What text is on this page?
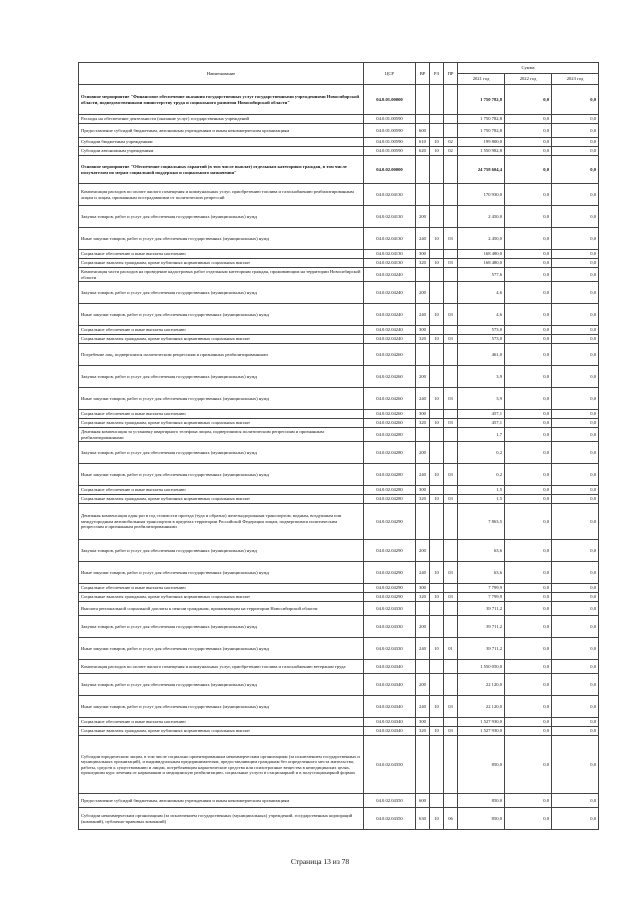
Наименование	ЦСР	ВР	РЗ	ПР	Сумма		
					2021 год	2022 год	2023 год
Основное мероприятие "Финансовое обеспечение оказания государственных услуг государственными учреждениями Новосибирской области, подведомственными министерству труда и социального развития Новосибирской области"	04.0.01.00000				1 750 782,8	0,0	0,0
Расходы на обеспечение деятельности (оказание услуг) государственных учреждений	04.0.01.00590				1 750 782,8	0,0	0,0
Предоставление субсидий бюджетным, автономным учреждениям и иным некоммерческим организациям	04.0.01.00590	600			1 750 782,8	0,0	0,0
Субсидии бюджетным учреждениям	04.0.01.00590	610	10	02	199 800,0	0,0	0,0
Субсидии автономным учреждениям	04.0.01.00590	620	10	02	1 550 982,8	0,0	0,0
Основное мероприятие "Обеспечение социальных гарантий (в том числе выплат) отдельным категориям граждан, в том числе получателям по мерам социальной поддержки и социального назначения"	04.0.02.00000				24 758 604,4	0,0	0,0
Компенсация расходов по оплате жилого помещения и коммунальных услуг, приобретению топлива и газоснабжению реабилитированным лицам и лицам, признанным пострадавшими от политических репрессий	04.0.02.04130				170 930,0	0,0	0,0
Закупка товаров, работ и услуг для обеспечения государственных (муниципальных) нужд	04.0.02.04130	200			2 450,0	0,0	0,0
Иные закупки товаров, работ и услуг для обеспечения государственных (муниципальных) нужд	04.0.02.04130	240	10	03	2 450,0	0,0	0,0
Социальное обеспечение и иные выплаты населению	04.0.02.04130	300			168 480,0	0,0	0,0
Социальные выплаты гражданам, кроме публичных нормативных социальных выплат	04.0.02.04130	320	10	03	168 480,0	0,0	0,0
Компенсация части расходов на проведение кадастровых работ отдельным категориям граждан, проживающим на территории Новосибирской области	04.0.02.04240				577,6	0,0	0,0
Закупка товаров, работ и услуг для обеспечения государственных (муниципальных) нужд	04.0.02.04240	200			4,6	0,0	0,0
Иные закупки товаров, работ и услуг для обеспечения государственных (муниципальных) нужд	04.0.02.04240	240	10	03	4,6	0,0	0,0
Социальное обеспечение и иные выплаты населению	04.0.02.04240	300			573,0	0,0	0,0
Социальные выплаты гражданам, кроме публичных нормативных социальных выплат	04.0.02.04240	320	10	03	573,0	0,0	0,0
Погребение лиц, подвергшихся политическим репрессиям и признанных реабилитированными	04.0.02.04260				461,0	0,0	0,0
Закупка товаров, работ и услуг для обеспечения государственных (муниципальных) нужд	04.0.02.04260	200			3,9	0,0	0,0
Иные закупки товаров, работ и услуг для обеспечения государственных (муниципальных) нужд	04.0.02.04260	240	10	03	3,9	0,0	0,0
Социальное обеспечение и иные выплаты населению	04.0.02.04260	300			457,1	0,0	0,0
Социальные выплаты гражданам, кроме публичных нормативных социальных выплат	04.0.02.04260	320	10	03	457,1	0,0	0,0
Денежная компенсация за установку квартирного телефона лицам, подвергшимся политическим репрессиям и признанным реабилитированными	04.0.02.04280				1,7	0,0	0,0
Закупка товаров, работ и услуг для обеспечения государственных (муниципальных) нужд	04.0.02.04280	200			0,2	0,0	0,0
Иные закупки товаров, работ и услуг для обеспечения государственных (муниципальных) нужд	04.0.02.04280	240	10	03	0,2	0,0	0,0
Социальное обеспечение и иные выплаты населению	04.0.02.04280	300			1,5	0,0	0,0
Социальные выплаты гражданам, кроме публичных нормативных социальных выплат	04.0.02.04280	320	10	03	1,5	0,0	0,0
Денежная компенсация один раз в год стоимости проезда (туда и обратно) железнодорожным транспортом, водным, воздушным или междугородным автомобильным транспортом в пределах территории Российской Федерации лицам, подвергшимся политическим репрессиям и признанным реабилитированными	04.0.02.04290				7 863,5	0,0	0,0
Закупка товаров, работ и услуг для обеспечения государственных (муниципальных) нужд	04.0.02.04290	200			63,6	0,0	0,0
Иные закупки товаров, работ и услуг для обеспечения государственных (муниципальных) нужд	04.0.02.04290	240	10	03	63,6	0,0	0,0
Социальное обеспечение и иные выплаты населению	04.0.02.04290	300			7 799,9	0,0	0,0
Социальные выплаты гражданам, кроме публичных нормативных социальных выплат	04.0.02.04290	320	10	03	7 799,9	0,0	0,0
Выплата региональной социальной доплаты к пенсии гражданам, проживающим на территории Новосибирской области	04.0.02.04330				39 711,2	0,0	0,0
Закупка товаров, работ и услуг для обеспечения государственных (муниципальных) нужд	04.0.02.04330	200			39 711,2	0,0	0,0
Иные закупки товаров, работ и услуг для обеспечения государственных (муниципальных) нужд	04.0.02.04330	240	10	01	39 711,2	0,0	0,0
Компенсация расходов по оплате жилого помещения и коммунальных услуг, приобретению топлива и газоснабжению ветеранам труда	04.0.02.04340				1 550 050,0	0,0	0,0
Закупка товаров, работ и услуг для обеспечения государственных (муниципальных) нужд	04.0.02.04340	200			22 120,0	0,0	0,0
Иные закупки товаров, работ и услуг для обеспечения государственных (муниципальных) нужд	04.0.02.04340	240	10	03	22 120,0	0,0	0,0
Социальное обеспечение и иные выплаты населению	04.0.02.04340	300			1 527 930,0	0,0	0,0
Социальные выплаты гражданам, кроме публичных нормативных социальных выплат	04.0.02.04340	320	10	03	1 527 930,0	0,0	0,0
Субсидии юридическим лицам, в том числе социально ориентированным некоммерческим организациям (за исключением государственных и муниципальных организаций), и индивидуальным предпринимателям, предоставляющим гражданам без определенного места жительства, работы, средств к существованию и лицам, потребляющим наркотические средства или психотропные вещества в немедицинских целях, прошедшим курс лечения от наркомании и медицинскую реабилитацию, социальные услуги в стационарной и в полустационарной формах	04.0.02.04350				850,0	0,0	0,0
Предоставление субсидий бюджетным, автономным учреждениям и иным некоммерческим организациям	04.0.02.04350	600			850,0	0,0	0,0
Субсидии некоммерческим организациям (за исключением государственных (муниципальных) учреждений, государственных корпораций (компаний), публично-правовых компаний)	04.0.02.04350	630	10	06	850,0	0,0	0,0
Страница 13 из 78
